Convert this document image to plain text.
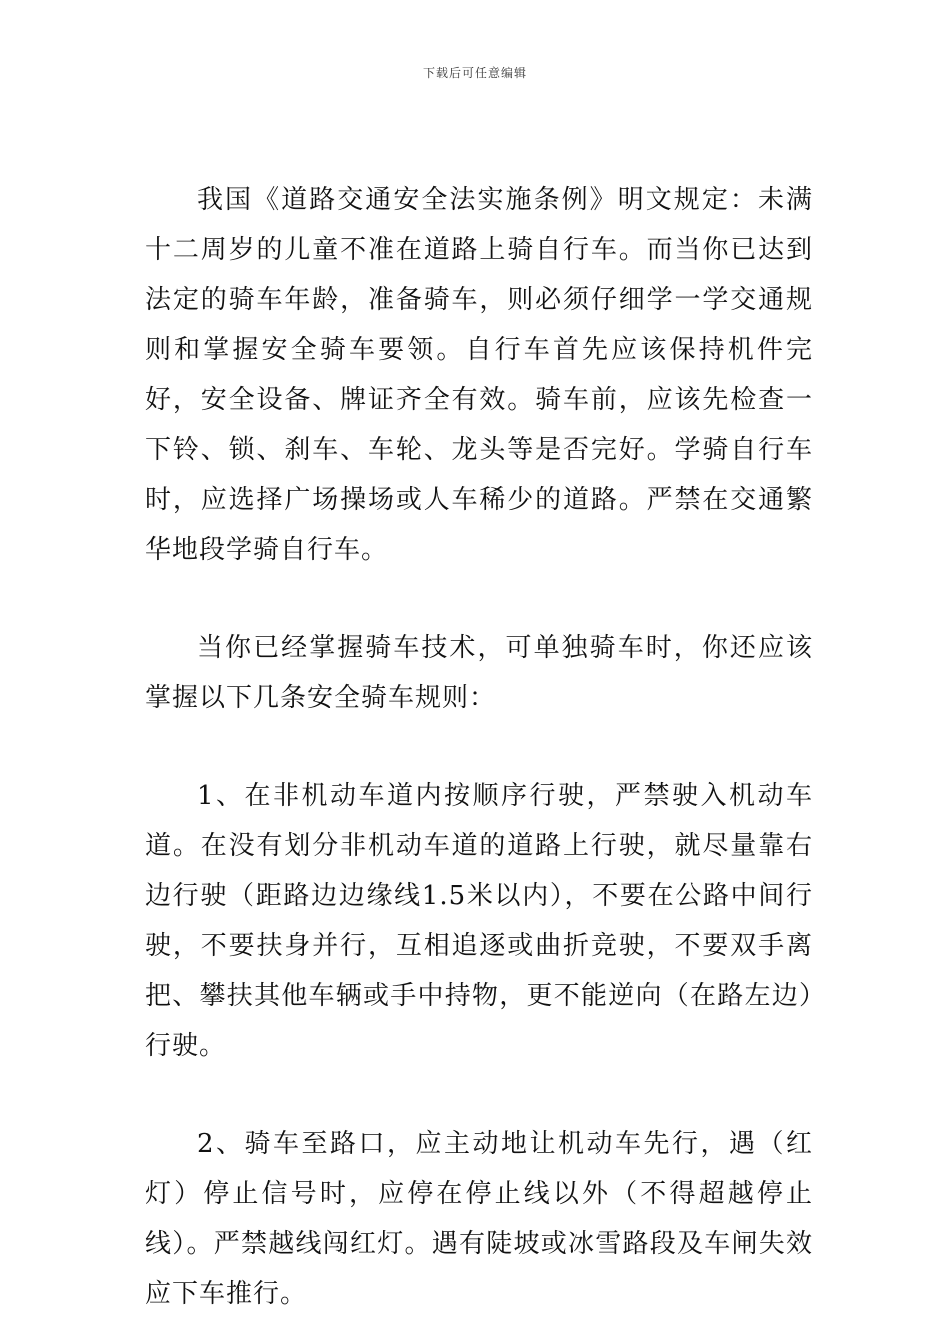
下载后可任意编辑

我国《道路交通安全法实施条例》明文规定：未满十二周岁的儿童不准在道路上骑自行车。而当你已达到法定的骑车年龄，准备骑车，则必须仔细学一学交通规则和掌握安全骑车要领。自行车首先应该保持机件完好，安全设备、牌证齐全有效。骑车前，应该先检查一下铃、锁、刹车、车轮、龙头等是否完好。学骑自行车时，应选择广场操场或人车稀少的道路。严禁在交通繁华地段学骑自行车。

当你已经掌握骑车技术，可单独骑车时，你还应该掌握以下几条安全骑车规则：

1、在非机动车道内按顺序行驶，严禁驶入机动车道。在没有划分非机动车道的道路上行驶，就尽量靠右边行驶（距路边边缘线1.5米以内），不要在公路中间行驶，不要扶身并行，互相追逐或曲折竞驶，不要双手离把、攀扶其他车辆或手中持物，更不能逆向（在路左边）行驶。

2、骑车至路口，应主动地让机动车先行，遇（红灯）停止信号时，应停在停止线以外（不得超越停止线）。严禁越线闯红灯。遇有陡坡或冰雪路段及车闸失效应下车推行。
